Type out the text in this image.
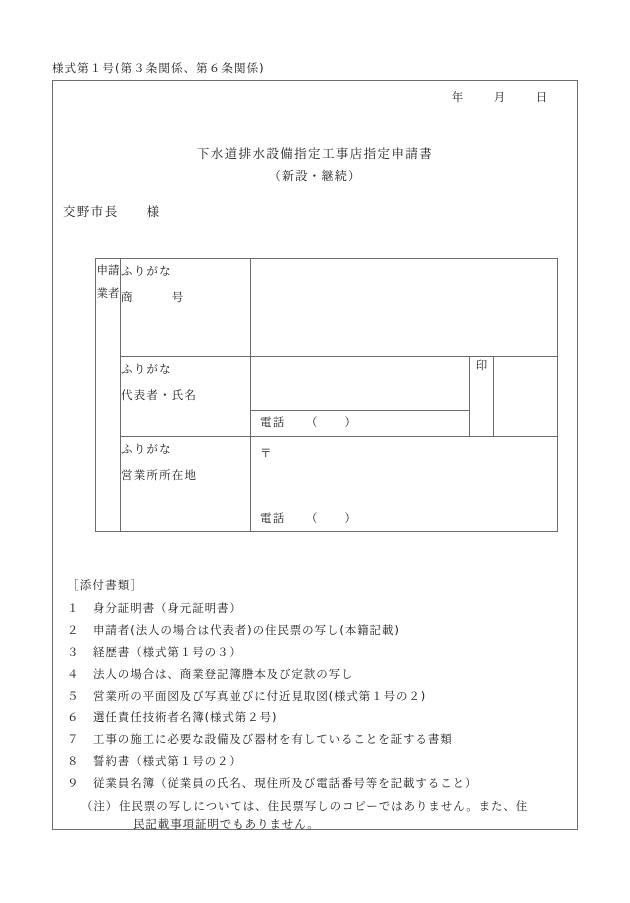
様式第１号(第３条関係、第６条関係)
年	月	日
下水道排水設備指定工事店指定申請書
（新設・継続）
交野市長 様
申請業者

ふりがな
商　　　号

ふりがな
代表者・氏名

電話　　（　　）
	印	

ふりがな
営業所所在地

〒
電話　　（　　）
［添付書類］
１	身分証明書（身元証明書）
２	申請者(法人の場合は代表者)の住民票の写し(本籍記載)
３	経歴書（様式第１号の３）
４	法人の場合は、商業登記簿謄本及び定款の写し
５	営業所の平面図及び写真並びに付近見取図(様式第１号の２)
６	選任責任技術者名簿(様式第２号)
７	工事の施工に必要な設備及び器材を有していることを証する書類
８	誓約書（様式第１号の２）
９	従業員名簿（従業員の氏名、現住所及び電話番号等を記載すること）
（注） 住民票の写しについては、住民票写しのコピーではありません。また、住
民記載事項証明でもありません。
